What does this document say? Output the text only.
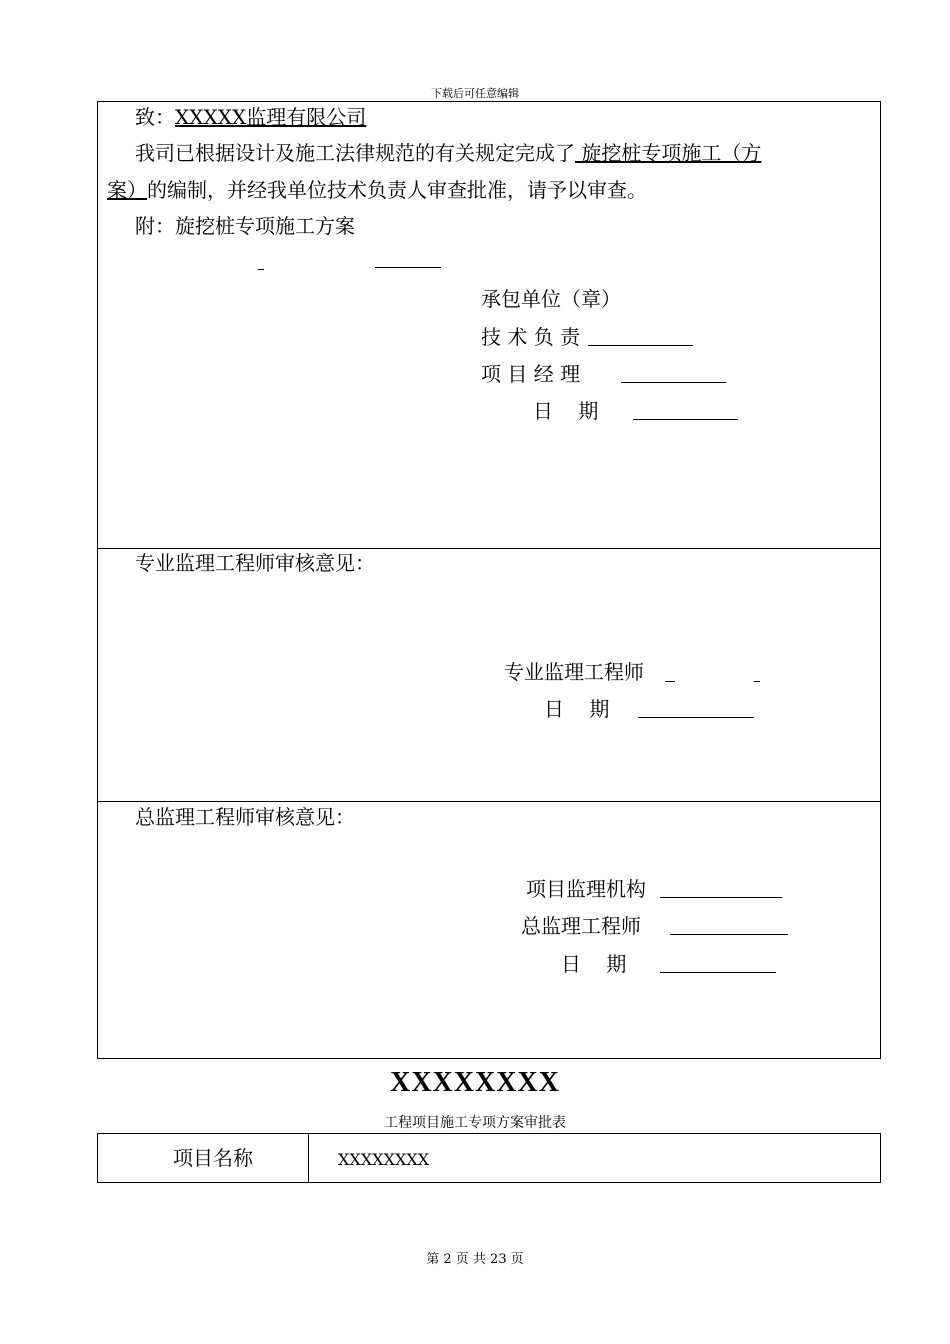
下载后可任意编辑
致：XXXXX监理有限公司
我司已根据设计及施工法律规范的有关规定完成了 旋挖桩专项施工（方
案）的编制，并经我单位技术负责人审查批准，请予以审查。
附：旋挖桩专项施工方案
承包单位（章）
技 术 负 责
项 目 经 理
日    期
专业监理工程师审核意见：
专业监理工程师
日    期
总监理工程师审核意见：
项目监理机构
总监理工程师
日    期
XXXXXXXX
工程项目施工专项方案审批表
项目名称	XXXXXXXX
第 2 页 共 23 页
